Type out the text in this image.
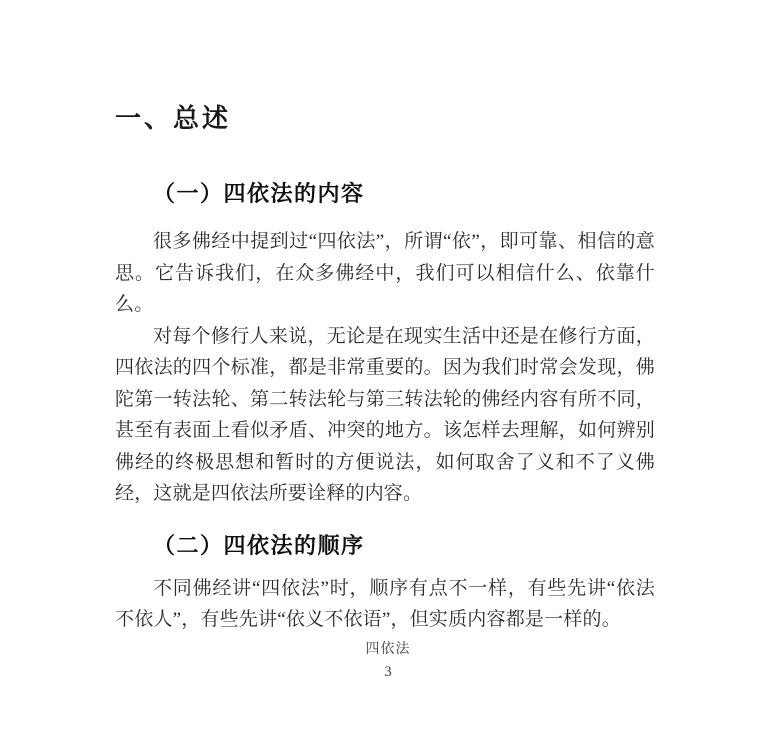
一、总述
（一）四依法的内容

很多佛经中提到过“四依法”，所谓“依”，即可靠、相信的意思。它告诉我们，在众多佛经中，我们可以相信什么、依靠什么。

对每个修行人来说，无论是在现实生活中还是在修行方面，四依法的四个标准，都是非常重要的。因为我们时常会发现，佛陀第一转法轮、第二转法轮与第三转法轮的佛经内容有所不同，甚至有表面上看似矛盾、冲突的地方。该怎样去理解，如何辨别佛经的终极思想和暂时的方便说法，如何取舍了义和不了义佛经，这就是四依法所要诠释的内容。

（二）四依法的顺序

不同佛经讲“四依法”时，顺序有点不一样，有些先讲“依法不依人”，有些先讲“依义不依语”，但实质内容都是一样的。

四依法
3
